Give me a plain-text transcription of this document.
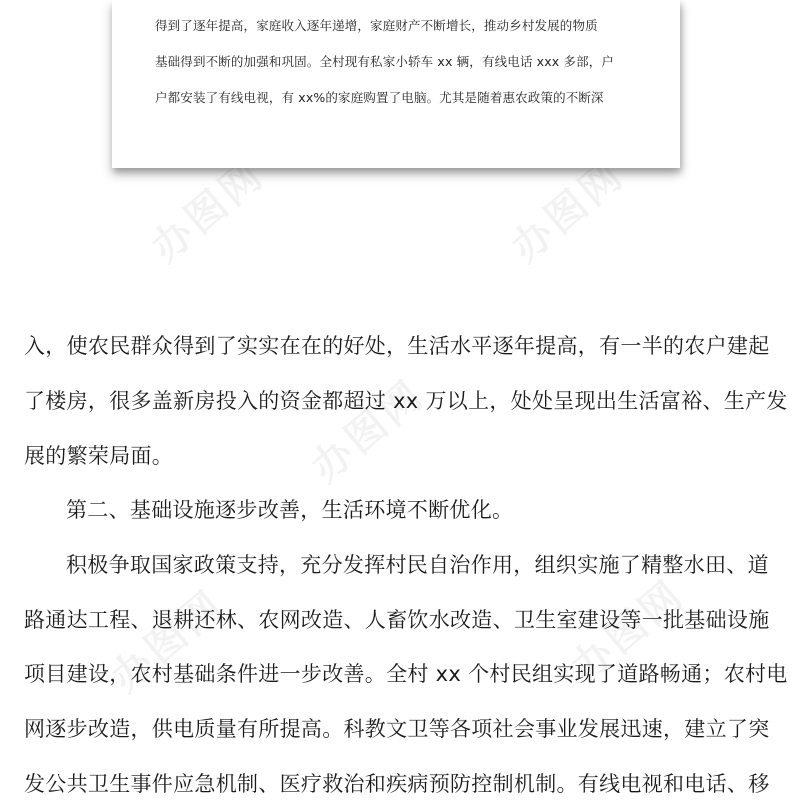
办图网	办图网
办图网
办图网	办图网
得到了逐年提高，家庭收入逐年递增，家庭财产不断增长，推动乡村发展的物质
基础得到不断的加强和巩固。全村现有私家小轿车 xx 辆，有线电话 xxx 多部，户
户都安装了有线电视，有 xx%的家庭购置了电脑。尤其是随着惠农政策的不断深
入，使农民群众得到了实实在在的好处，生活水平逐年提高，有一半的农户建起
了楼房，很多盖新房投入的资金都超过 xx 万以上，处处呈现出生活富裕、生产发
展的繁荣局面。
第二、基础设施逐步改善，生活环境不断优化。
积极争取国家政策支持，充分发挥村民自治作用，组织实施了精整水田、道
路通达工程、退耕还林、农网改造、人畜饮水改造、卫生室建设等一批基础设施
项目建设，农村基础条件进一步改善。全村 xx 个村民组实现了道路畅通；农村电
网逐步改造，供电质量有所提高。科教文卫等各项社会事业发展迅速，建立了突
发公共卫生事件应急机制、医疗救治和疾病预防控制机制。有线电视和电话、移
